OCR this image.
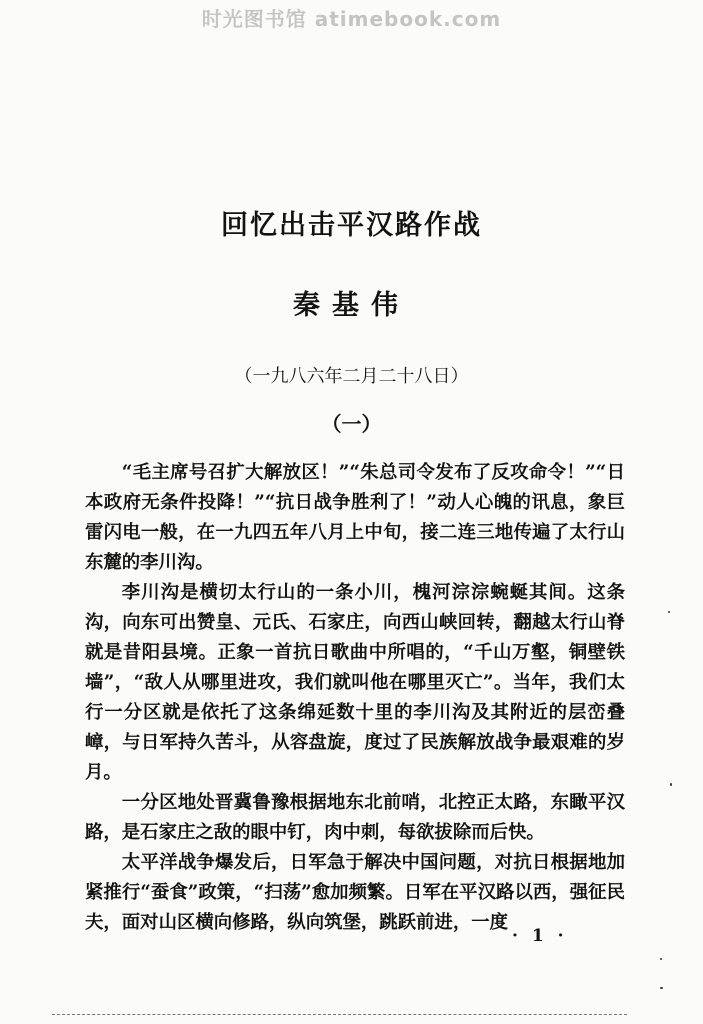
时光图书馆 atimebook.com
回忆出击平汉路作战
秦基伟
（一九八六年二月二十八日）
（一）

“毛主席号召扩大解放区！”“朱总司令发布了反攻命令！”“日本政府无条件投降！”“抗日战争胜利了！”动人心魄的讯息，象巨雷闪电一般，在一九四五年八月上中旬，接二连三地传遍了太行山东麓的李川沟。

李川沟是横切太行山的一条小川，槐河淙淙蜿蜒其间。这条沟，向东可出赞皇、元氏、石家庄，向西山峡回转，翻越太行山脊就是昔阳县境。正象一首抗日歌曲中所唱的，“千山万壑，铜壁铁墙”，“敌人从哪里进攻，我们就叫他在哪里灭亡”。当年，我们太行一分区就是依托了这条绵延数十里的李川沟及其附近的层峦叠嶂，与日军持久苦斗，从容盘旋，度过了民族解放战争最艰难的岁月。

一分区地处晋冀鲁豫根据地东北前哨，北控正太路，东瞰平汉路，是石家庄之敌的眼中钉，肉中刺，每欲拔除而后快。

太平洋战争爆发后，日军急于解决中国问题，对抗日根据地加紧推行“蚕食”政策，“扫荡”愈加频繁。日军在平汉路以西，强征民夫，面对山区横向修路，纵向筑堡，跳跃前进，一度

· 1 ·
